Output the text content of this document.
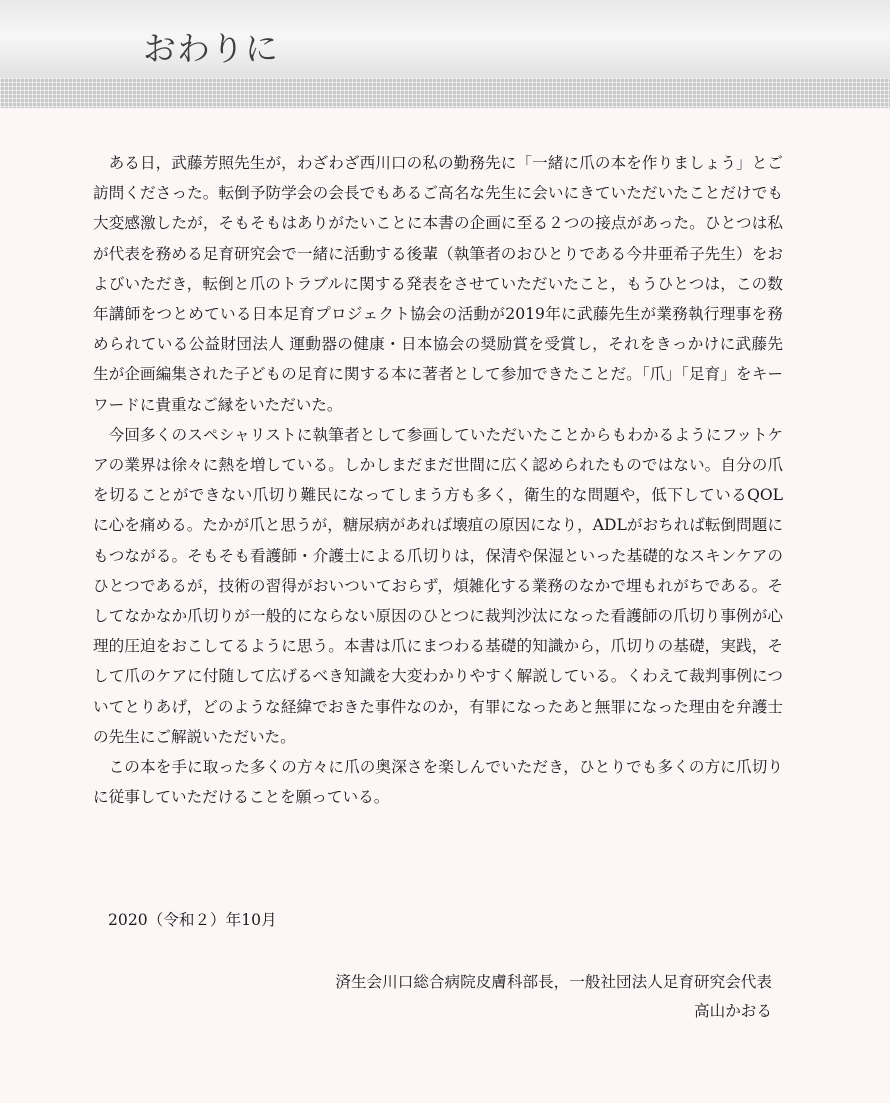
おわりに

ある日，武藤芳照先生が，わざわざ西川口の私の勤務先に「一緒に爪の本を作りましょう」とご訪問くださった。転倒予防学会の会長でもあるご高名な先生に会いにきていただいたことだけでも大変感激したが，そもそもはありがたいことに本書の企画に至る２つの接点があった。ひとつは私が代表を務める足育研究会で一緒に活動する後輩（執筆者のおひとりである今井亜希子先生）をおよびいただき，転倒と爪のトラブルに関する発表をさせていただいたこと，もうひとつは，この数年講師をつとめている日本足育プロジェクト協会の活動が2019年に武藤先生が業務執行理事を務められている公益財団法人 運動器の健康・日本協会の奨励賞を受賞し，それをきっかけに武藤先生が企画編集された子どもの足育に関する本に著者として参加できたことだ。「爪」「足育」をキーワードに貴重なご縁をいただいた。

今回多くのスペシャリストに執筆者として参画していただいたことからもわかるようにフットケアの業界は徐々に熱を増している。しかしまだまだ世間に広く認められたものではない。自分の爪を切ることができない爪切り難民になってしまう方も多く，衛生的な問題や，低下しているQOLに心を痛める。たかが爪と思うが，糖尿病があれば壊疽の原因になり，ADLがおちれば転倒問題にもつながる。そもそも看護師・介護士による爪切りは，保清や保湿といった基礎的なスキンケアのひとつであるが，技術の習得がおいついておらず，煩雑化する業務のなかで埋もれがちである。そしてなかなか爪切りが一般的にならない原因のひとつに裁判沙汰になった看護師の爪切り事例が心理的圧迫をおこしてるように思う。本書は爪にまつわる基礎的知識から，爪切りの基礎，実践，そして爪のケアに付随して広げるべき知識を大変わかりやすく解説している。くわえて裁判事例についてとりあげ，どのような経緯でおきた事件なのか，有罪になったあと無罪になった理由を弁護士の先生にご解説いただいた。

この本を手に取った多くの方々に爪の奥深さを楽しんでいただき，ひとりでも多くの方に爪切りに従事していただけることを願っている。

2020（令和２）年10月
済生会川口総合病院皮膚科部長，一般社団法人足育研究会代表
高山かおる
